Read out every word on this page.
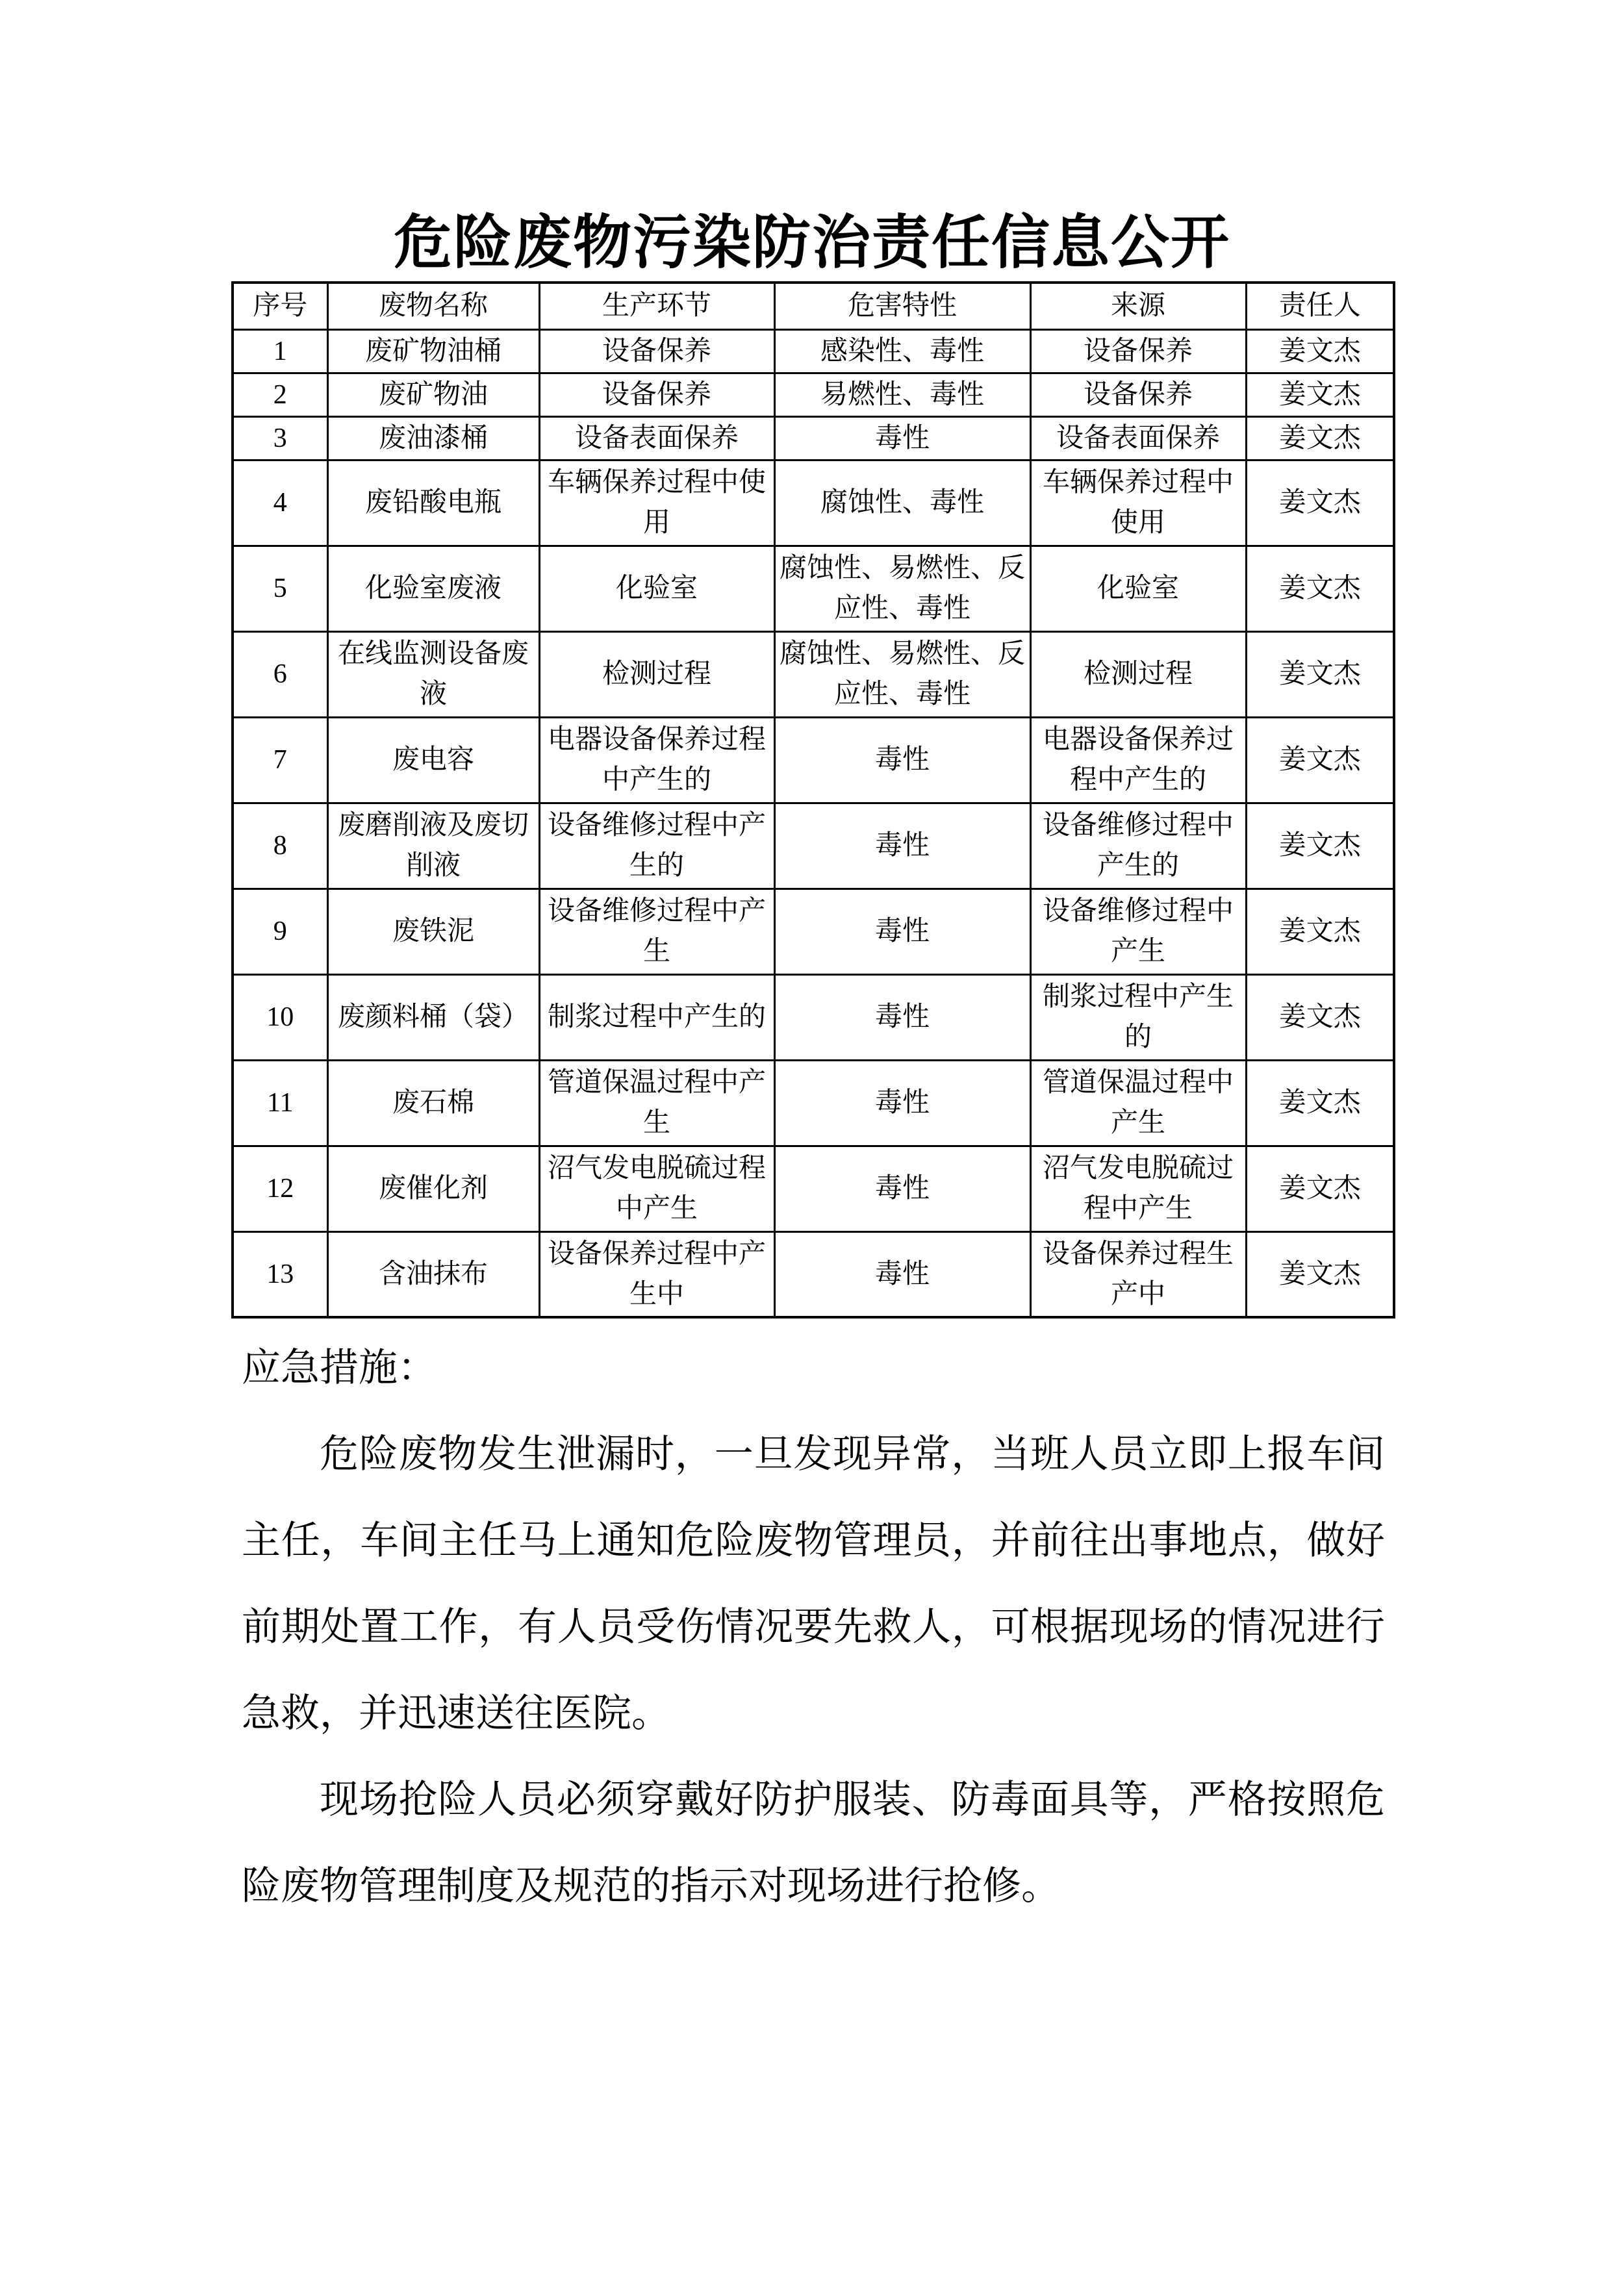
危险废物污染防治责任信息公开
序号	废物名称	生产环节	危害特性	来源	责任人
1	废矿物油桶	设备保养	感染性、毒性	设备保养	姜文杰
2	废矿物油	设备保养	易燃性、毒性	设备保养	姜文杰
3	废油漆桶	设备表面保养	毒性	设备表面保养	姜文杰
4	废铅酸电瓶	车辆保养过程中使用	腐蚀性、毒性	车辆保养过程中使用	姜文杰
5	化验室废液	化验室	腐蚀性、易燃性、反应性、毒性	化验室	姜文杰
6	在线监测设备废液	检测过程	腐蚀性、易燃性、反应性、毒性	检测过程	姜文杰
7	废电容	电器设备保养过程中产生的	毒性	电器设备保养过程中产生的	姜文杰
8	废磨削液及废切削液	设备维修过程中产生的	毒性	设备维修过程中产生的	姜文杰
9	废铁泥	设备维修过程中产生	毒性	设备维修过程中产生	姜文杰
10	废颜料桶（袋）	制浆过程中产生的	毒性	制浆过程中产生的	姜文杰
11	废石棉	管道保温过程中产生	毒性	管道保温过程中产生	姜文杰
12	废催化剂	沼气发电脱硫过程中产生	毒性	沼气发电脱硫过程中产生	姜文杰
13	含油抹布	设备保养过程中产生中	毒性	设备保养过程生产中	姜文杰

应急措施：

危险废物发生泄漏时，一旦发现异常，当班人员立即上报车间主任，车间主任马上通知危险废物管理员，并前往出事地点，做好前期处置工作，有人员受伤情况要先救人，可根据现场的情况进行急救，并迅速送往医院。

现场抢险人员必须穿戴好防护服装、防毒面具等，严格按照危险废物管理制度及规范的指示对现场进行抢修。
